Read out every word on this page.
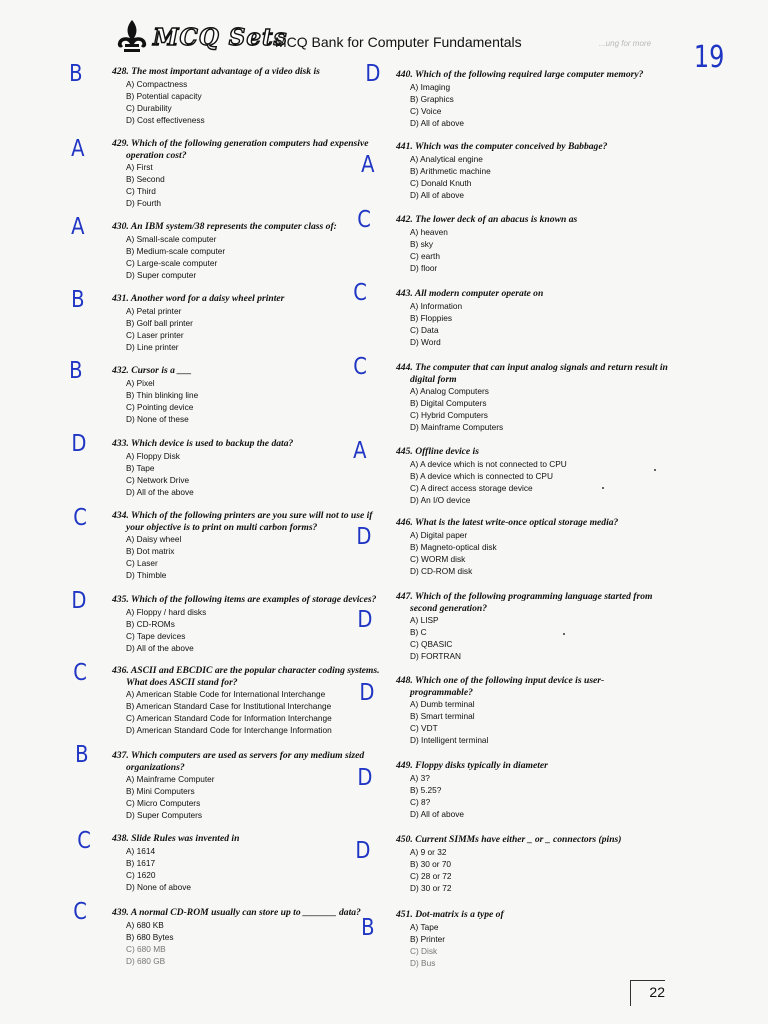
MCQ Sets
MCQ Bank for Computer Fundamentals	...ung for more 19

428. The most important advantage of a video disk is

A) Compactness

B) Potential capacity

C) Durability

D) Cost effectiveness

429. Which of the following generation computers had expensive operation cost?

A) First

B) Second

C) Third

D) Fourth

430. An IBM system/38 represents the computer class of:

A) Small-scale computer

B) Medium-scale computer

C) Large-scale computer

D) Super computer

431. Another word for a daisy wheel printer

A) Petal printer

B) Golf ball printer

C) Laser printer

D) Line printer

432. Cursor is a ___

A) Pixel

B) Thin blinking line

C) Pointing device

D) None of these

433. Which device is used to backup the data?

A) Floppy Disk

B) Tape

C) Network Drive

D) All of the above

434. Which of the following printers are you sure will not to use if your objective is to print on multi carbon forms?

A) Daisy wheel

B) Dot matrix

C) Laser

D) Thimble

435. Which of the following items are examples of storage devices?

A) Floppy / hard disks

B) CD-ROMs

C) Tape devices

D) All of the above

436. ASCII and EBCDIC are the popular character coding systems. What does ASCII stand for?

A) American Stable Code for International Interchange

B) American Standard Case for Institutional Interchange

C) American Standard Code for Information Interchange

D) American Standard Code for Interchange Information

437. Which computers are used as servers for any medium sized organizations?

A) Mainframe Computer

B) Mini Computers

C) Micro Computers

D) Super Computers

438. Slide Rules was invented in

A) 1614

B) 1617

C) 1620

D) None of above

439. A normal CD-ROM usually can store up to _______ data?

A) 680 KB

B) 680 Bytes

C) 680 MB

D) 680 GB

440. Which of the following required large computer memory?

A) Imaging

B) Graphics

C) Voice

D) All of above

441. Which was the computer conceived by Babbage?

A) Analytical engine

B) Arithmetic machine

C) Donald Knuth

D) All of above

442. The lower deck of an abacus is known as

A) heaven

B) sky

C) earth

D) floor

443. All modern computer operate on

A) Information

B) Floppies

C) Data

D) Word

444. The computer that can input analog signals and return result in digital form

A) Analog Computers

B) Digital Computers

C) Hybrid Computers

D) Mainframe Computers

445. Offline device is

A) A device which is not connected to CPU

B) A device which is connected to CPU

C) A direct access storage device

D) An I/O device

446. What is the latest write-once optical storage media?

A) Digital paper

B) Magneto-optical disk

C) WORM disk

D) CD-ROM disk

447. Which of the following programming language started from second generation?

A) LISP

B) C

C) QBASIC

D) FORTRAN

448. Which one of the following input device is user-programmable?

A) Dumb terminal

B) Smart terminal

C) VDT

D) Intelligent terminal

449. Floppy disks typically in diameter

A) 3?

B) 5.25?

C) 8?

D) All of above

450. Current SIMMs have either _ or _ connectors (pins)

A) 9 or 32

B) 30 or 70

C) 28 or 72

D) 30 or 72

451. Dot-matrix is a type of

A) Tape

B) Printer

C) Disk

D) Bus

B
A
A
B
B
D
C
D
C
B
C
C
D
A
C
C
C
A
D
D
D
D
D
B
22
